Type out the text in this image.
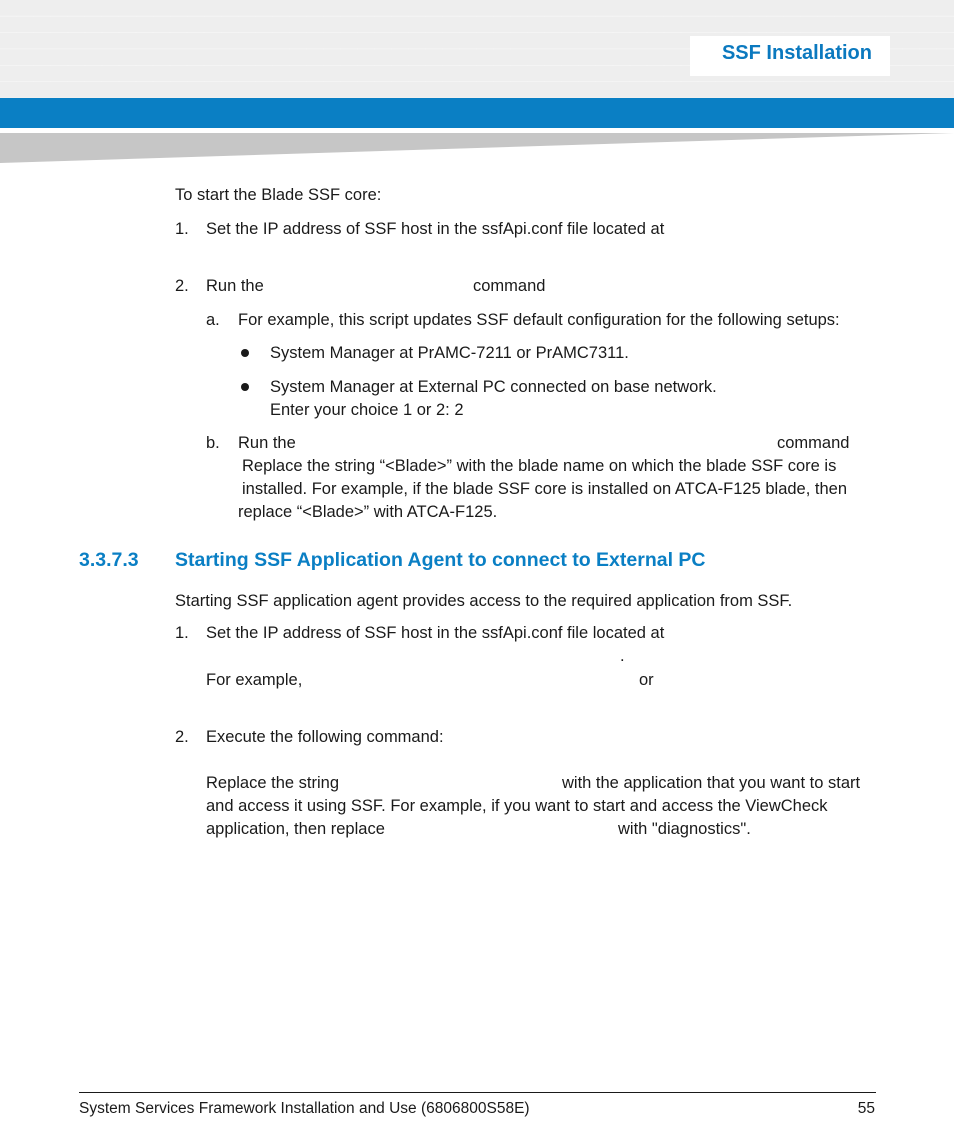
SSF Installation
To start the Blade SSF core:
1. Set the IP address of SSF host in the ssfApi.conf file located at
2. Run the	command
a. For example, this script updates SSF default configuration for the following setups:
System Manager at PrAMC-7211 or PrAMC7311.
System Manager at External PC connected on base network.
Enter your choice 1 or 2: 2
b. Run the	command
Replace the string “<Blade>” with the blade name on which the blade SSF core is
installed. For example, if the blade SSF core is installed on ATCA-F125 blade, then
replace “<Blade>” with ATCA-F125.
3.3.7.3 Starting SSF Application Agent to connect to External PC
Starting SSF application agent provides access to the required application from SSF.
1. Set the IP address of SSF host in the ssfApi.conf file located at
.
For example,	or
2. Execute the following command:
Replace the string	with the application that you want to start
and access it using SSF. For example, if you want to start and access the ViewCheck
application, then replace	with "diagnostics".
System Services Framework Installation and Use (6806800S58E)	55
